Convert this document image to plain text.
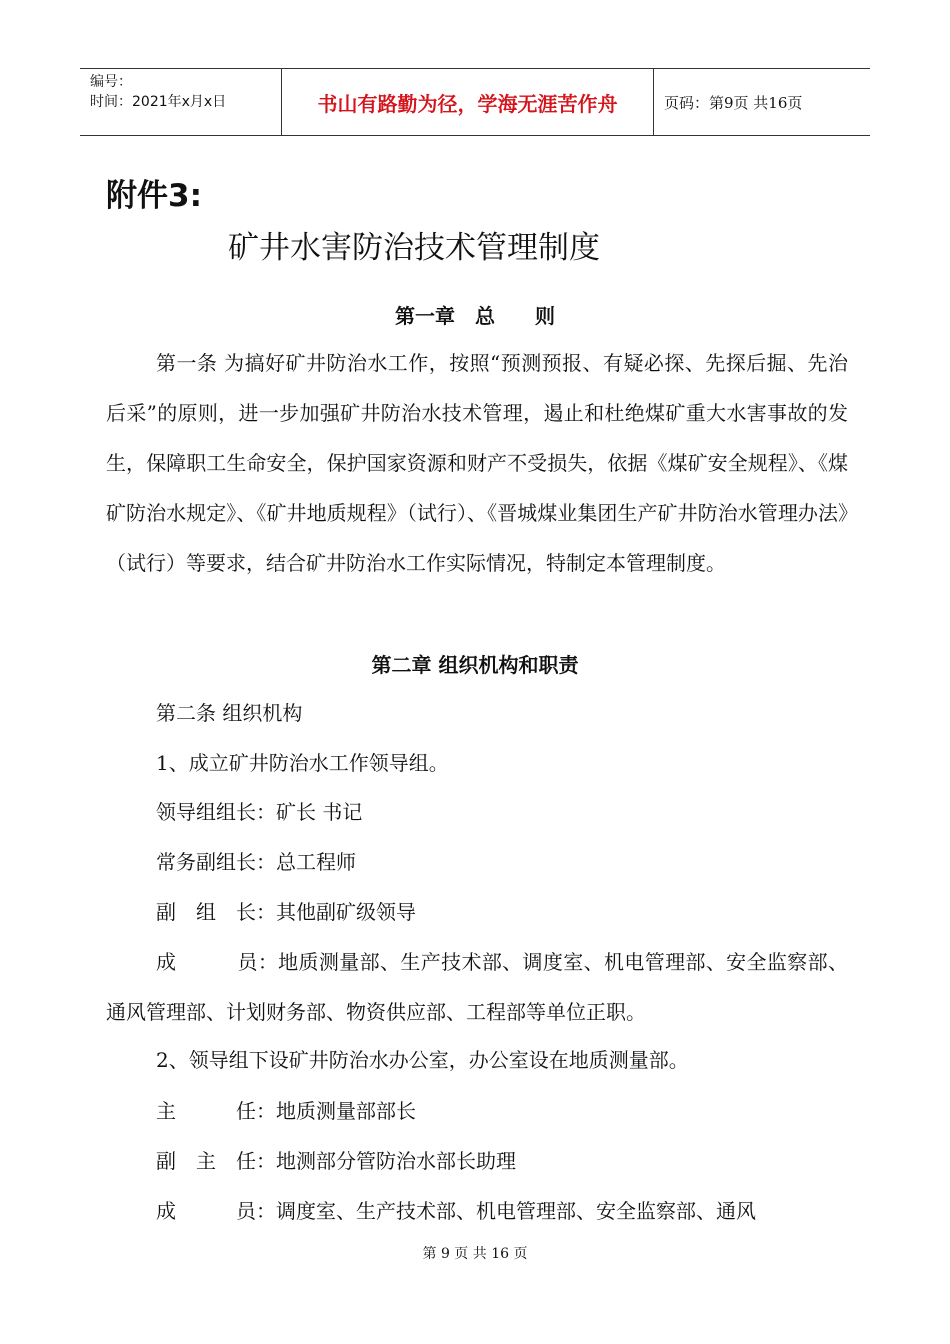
编号：
时间：2021年x月x日	书山有路勤为径，学海无涯苦作舟	页码：第9页 共16页
附件3:
矿井水害防治技术管理制度
第一章　总　　则
第一条 为搞好矿井防治水工作，按照“预测预报、有疑必探、先探后掘、先治后采”的原则，进一步加强矿井防治水技术管理，遏止和杜绝煤矿重大水害事故的发生，保障职工生命安全，保护国家资源和财产不受损失，依据《煤矿安全规程》、《煤矿防治水规定》、《矿井地质规程》（试行）、《晋城煤业集团生产矿井防治水管理办法》（试行）等要求，结合矿井防治水工作实际情况，特制定本管理制度。
第二章 组织机构和职责
第二条 组织机构
1、成立矿井防治水工作领导组。
领导组组长：矿长 书记
常务副组长：总工程师
副　组　长：其他副矿级领导
成　　　员：地质测量部、生产技术部、调度室、机电管理部、安全监察部、通风管理部、计划财务部、物资供应部、工程部等单位正职。
2、领导组下设矿井防治水办公室，办公室设在地质测量部。
主　　　任：地质测量部部长
副　主　任：地测部分管防治水部长助理
成　　　员：调度室、生产技术部、机电管理部、安全监察部、通风
第 9 页 共 16 页
